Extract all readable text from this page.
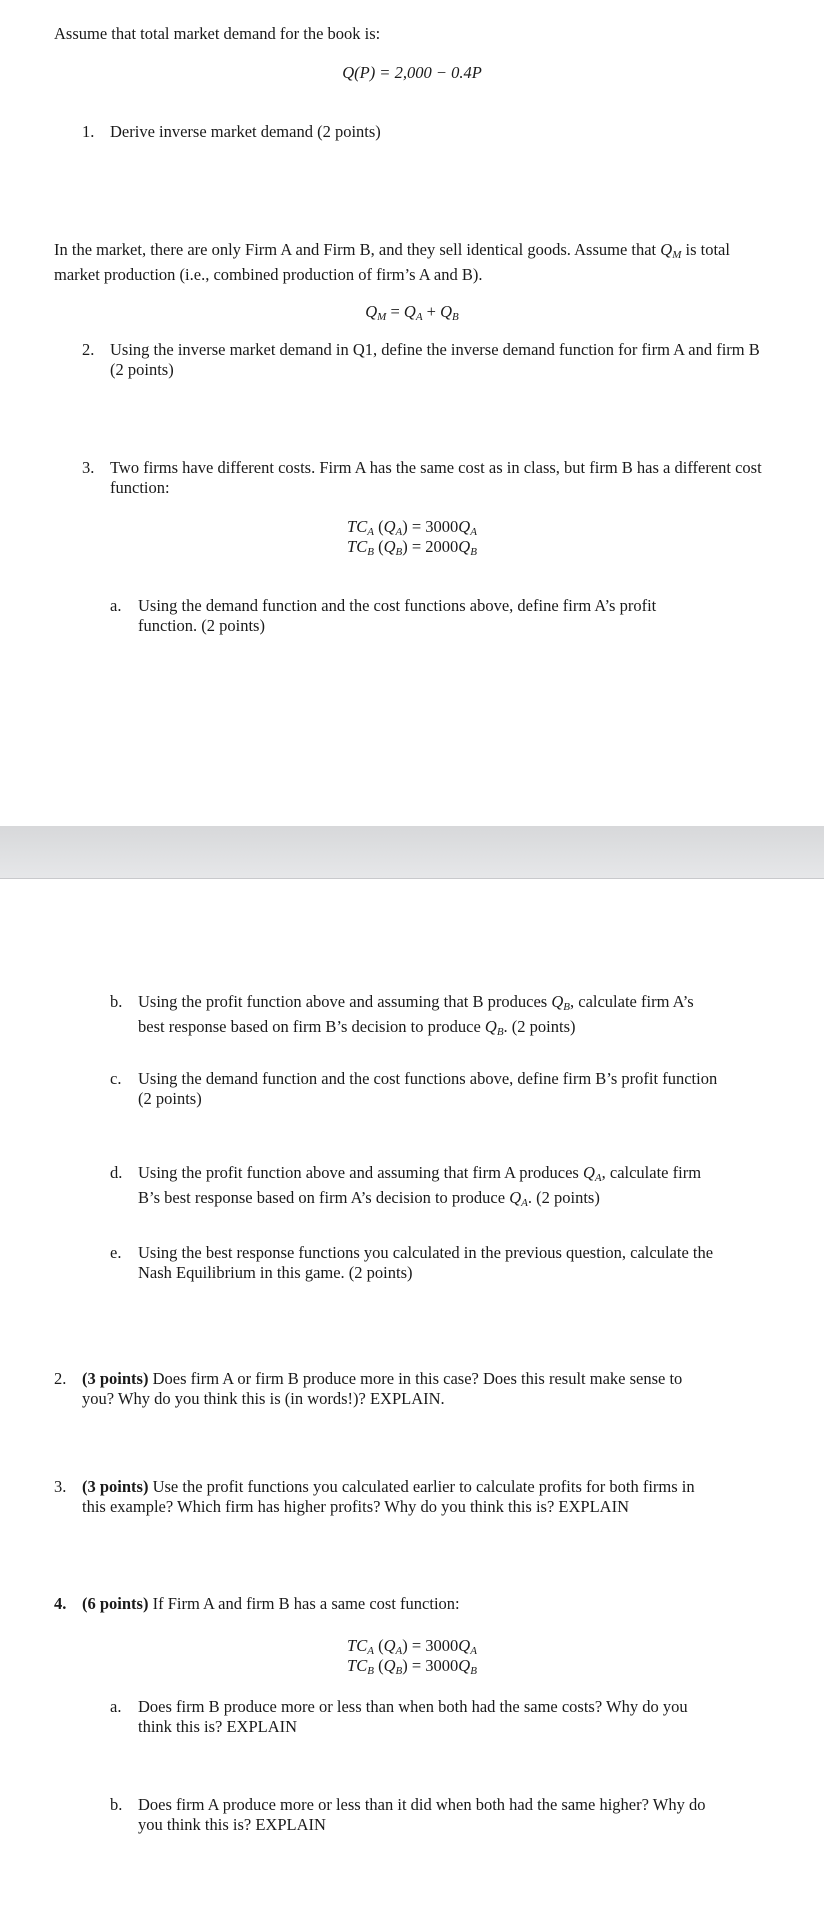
Assume that total market demand for the book is:
Q(P) = 2,000 − 0.4P
1. Derive inverse market demand (2 points)
In the market, there are only Firm A and Firm B, and they sell identical goods. Assume that $Q_M$ is total
market production (i.e., combined production of firm’s A and B).
$Q_M = Q_A + Q_B$
2. Using the inverse market demand in Q1, define the inverse demand function for firm A and firm B
(2 points)
3. Two firms have different costs. Firm A has the same cost as in class, but firm B has a different cost
function:
$TC_A$ $(Q_A) = 3000Q_A$
$TC_B$ $(Q_B) = 2000Q_B$
a. Using the demand function and the cost functions above, define firm A’s profit
function. (2 points)
b. Using the profit function above and assuming that B produces $Q_B$, calculate firm A’s
best response based on firm B’s decision to produce $Q_B$. (2 points)
c. Using the demand function and the cost functions above, define firm B’s profit function
(2 points)
d. Using the profit function above and assuming that firm A produces $Q_A$, calculate firm
B’s best response based on firm A’s decision to produce $Q_A$. (2 points)
e. Using the best response functions you calculated in the previous question, calculate the
Nash Equilibrium in this game. (2 points)
2. (3 points) Does firm A or firm B produce more in this case? Does this result make sense to
you? Why do you think this is (in words!)? EXPLAIN.
3. (3 points) Use the profit functions you calculated earlier to calculate profits for both firms in
this example? Which firm has higher profits? Why do you think this is? EXPLAIN
4. (6 points) If Firm A and firm B has a same cost function:
$TC_A$ $(Q_A) = 3000Q_A$
$TC_B$ $(Q_B) = 3000Q_B$
a. Does firm B produce more or less than when both had the same costs? Why do you
think this is? EXPLAIN
b. Does firm A produce more or less than it did when both had the same higher? Why do
you think this is? EXPLAIN
